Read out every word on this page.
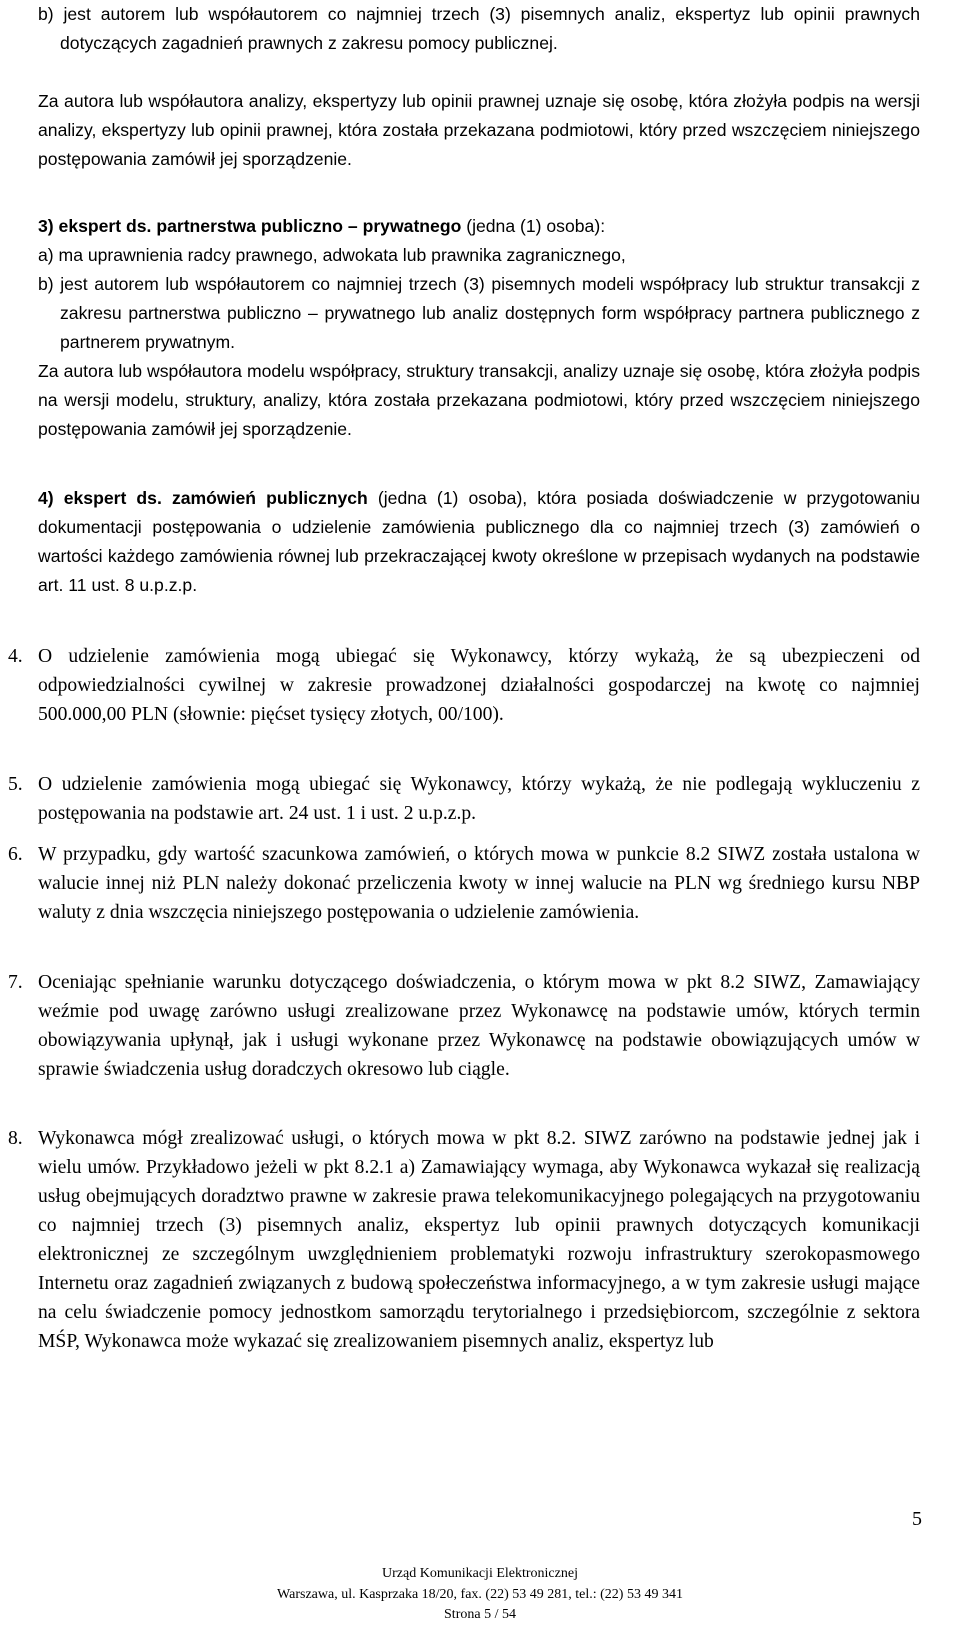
b) jest autorem lub współautorem co najmniej trzech (3) pisemnych analiz, ekspertyz lub opinii prawnych dotyczących zagadnień prawnych z zakresu pomocy publicznej.
Za autora lub współautora analizy, ekspertyzy lub opinii prawnej uznaje się osobę, która złożyła podpis na wersji analizy, ekspertyzy lub opinii prawnej, która została przekazana podmiotowi, który przed wszczęciem niniejszego postępowania zamówił jej sporządzenie.
3) ekspert ds. partnerstwa publiczno – prywatnego (jedna (1) osoba):
a) ma uprawnienia radcy prawnego, adwokata lub prawnika zagranicznego,
b) jest autorem lub współautorem co najmniej trzech (3) pisemnych modeli współpracy lub struktur transakcji z zakresu partnerstwa publiczno – prywatnego lub analiz dostępnych form współpracy partnera publicznego z partnerem prywatnym.
Za autora lub współautora modelu współpracy, struktury transakcji, analizy uznaje się osobę, która złożyła podpis na wersji modelu, struktury, analizy, która została przekazana podmiotowi, który przed wszczęciem niniejszego postępowania zamówił jej sporządzenie.
4) ekspert ds. zamówień publicznych (jedna (1) osoba), która posiada doświadczenie w przygotowaniu dokumentacji postępowania o udzielenie zamówienia publicznego dla co najmniej trzech (3) zamówień o wartości każdego zamówienia równej lub przekraczającej kwoty określone w przepisach wydanych na podstawie art. 11 ust. 8 u.p.z.p.
4. O udzielenie zamówienia mogą ubiegać się Wykonawcy, którzy wykażą, że są ubezpieczeni od odpowiedzialności cywilnej w zakresie prowadzonej działalności gospodarczej na kwotę co najmniej 500.000,00 PLN (słownie: pięćset tysięcy złotych, 00/100).
5. O udzielenie zamówienia mogą ubiegać się Wykonawcy, którzy wykażą, że nie podlegają wykluczeniu z postępowania na podstawie art. 24 ust. 1 i ust. 2 u.p.z.p.
6. W przypadku, gdy wartość szacunkowa zamówień, o których mowa w punkcie 8.2 SIWZ została ustalona w walucie innej niż PLN należy dokonać przeliczenia kwoty w innej walucie na PLN wg średniego kursu NBP waluty z dnia wszczęcia niniejszego postępowania o udzielenie zamówienia.
7. Oceniając spełnianie warunku dotyczącego doświadczenia, o którym mowa w pkt 8.2 SIWZ, Zamawiający weźmie pod uwagę zarówno usługi zrealizowane przez Wykonawcę na podstawie umów, których termin obowiązywania upłynął, jak i usługi wykonane przez Wykonawcę na podstawie obowiązujących umów w sprawie świadczenia usług doradczych okresowo lub ciągle.
8. Wykonawca mógł zrealizować usługi, o których mowa w pkt 8.2. SIWZ zarówno na podstawie jednej jak i wielu umów. Przykładowo jeżeli w pkt 8.2.1 a) Zamawiający wymaga, aby Wykonawca wykazał się realizacją usług obejmujących doradztwo prawne w zakresie prawa telekomunikacyjnego polegających na przygotowaniu co najmniej trzech (3) pisemnych analiz, ekspertyz lub opinii prawnych dotyczących komunikacji elektronicznej ze szczególnym uwzględnieniem problematyki rozwoju infrastruktury szerokopasmowego Internetu oraz zagadnień związanych z budową społeczeństwa informacyjnego, a w tym zakresie usługi mające na celu świadczenie pomocy jednostkom samorządu terytorialnego i przedsiębiorcom, szczególnie z sektora MŚP, Wykonawca może wykazać się zrealizowaniem pisemnych analiz, ekspertyz lub
Urząd Komunikacji Elektronicznej
Warszawa, ul. Kasprzaka 18/20, fax. (22) 53 49 281, tel.: (22) 53 49 341
Strona 5 / 54
5
